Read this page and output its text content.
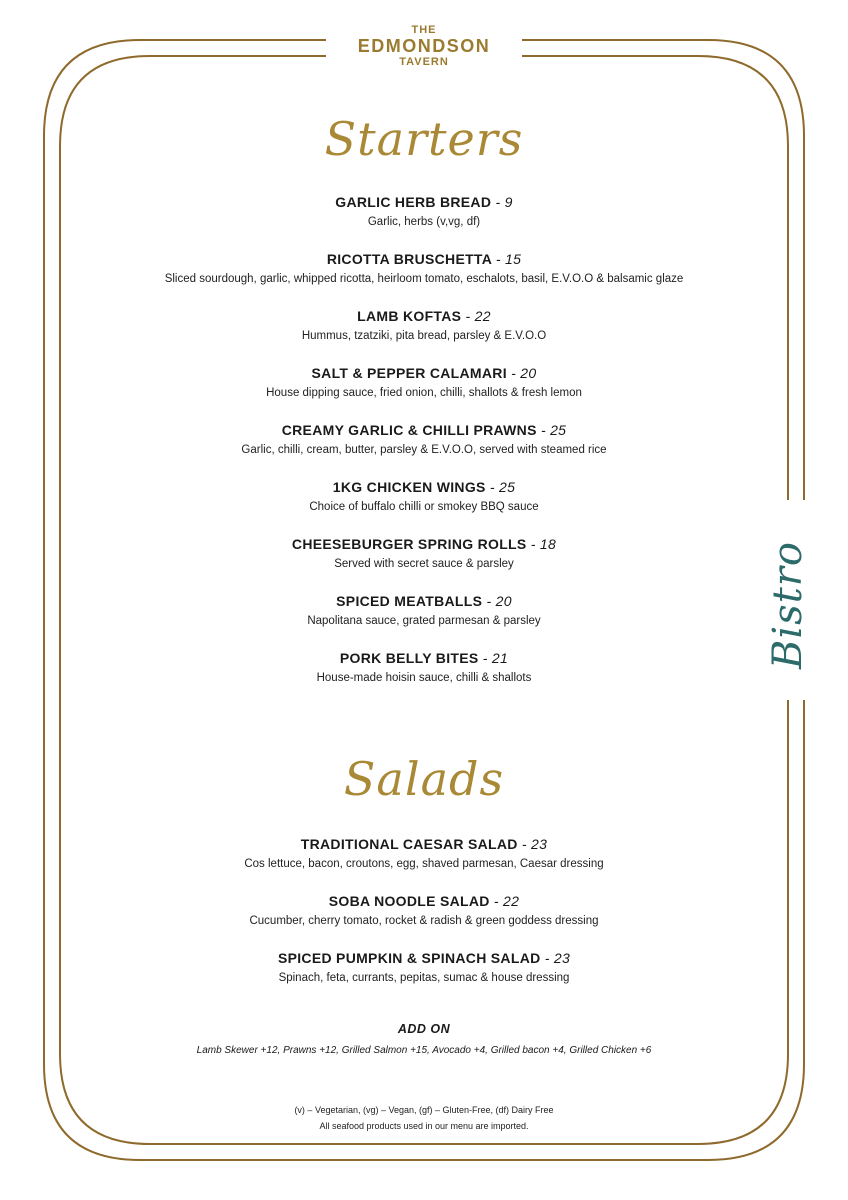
THE
EDMONDSON
TAVERN
Bistro
Starters
GARLIC HERB BREAD - 9
Garlic, herbs (v,vg, df)
RICOTTA BRUSCHETTA - 15
Sliced sourdough, garlic, whipped ricotta, heirloom tomato, eschalots, basil, E.V.O.O & balsamic glaze
LAMB KOFTAS - 22
Hummus, tzatziki, pita bread, parsley & E.V.O.O
SALT & PEPPER CALAMARI - 20
House dipping sauce, fried onion, chilli, shallots & fresh lemon
CREAMY GARLIC & CHILLI PRAWNS - 25
Garlic, chilli, cream, butter, parsley & E.V.O.O, served with steamed rice
1KG CHICKEN WINGS - 25
Choice of buffalo chilli or smokey BBQ sauce
CHEESEBURGER SPRING ROLLS - 18
Served with secret sauce & parsley
SPICED MEATBALLS - 20
Napolitana sauce, grated parmesan & parsley
PORK BELLY BITES - 21
House-made hoisin sauce, chilli & shallots
Salads
TRADITIONAL CAESAR SALAD - 23
Cos lettuce, bacon, croutons, egg, shaved parmesan, Caesar dressing
SOBA NOODLE SALAD - 22
Cucumber, cherry tomato, rocket & radish & green goddess dressing
SPICED PUMPKIN & SPINACH SALAD - 23
Spinach, feta, currants, pepitas, sumac & house dressing
ADD ON
Lamb Skewer +12, Prawns +12, Grilled Salmon +15, Avocado +4, Grilled bacon +4, Grilled Chicken +6
(v) – Vegetarian, (vg) – Vegan, (gf) – Gluten-Free, (df) Dairy Free
All seafood products used in our menu are imported.
